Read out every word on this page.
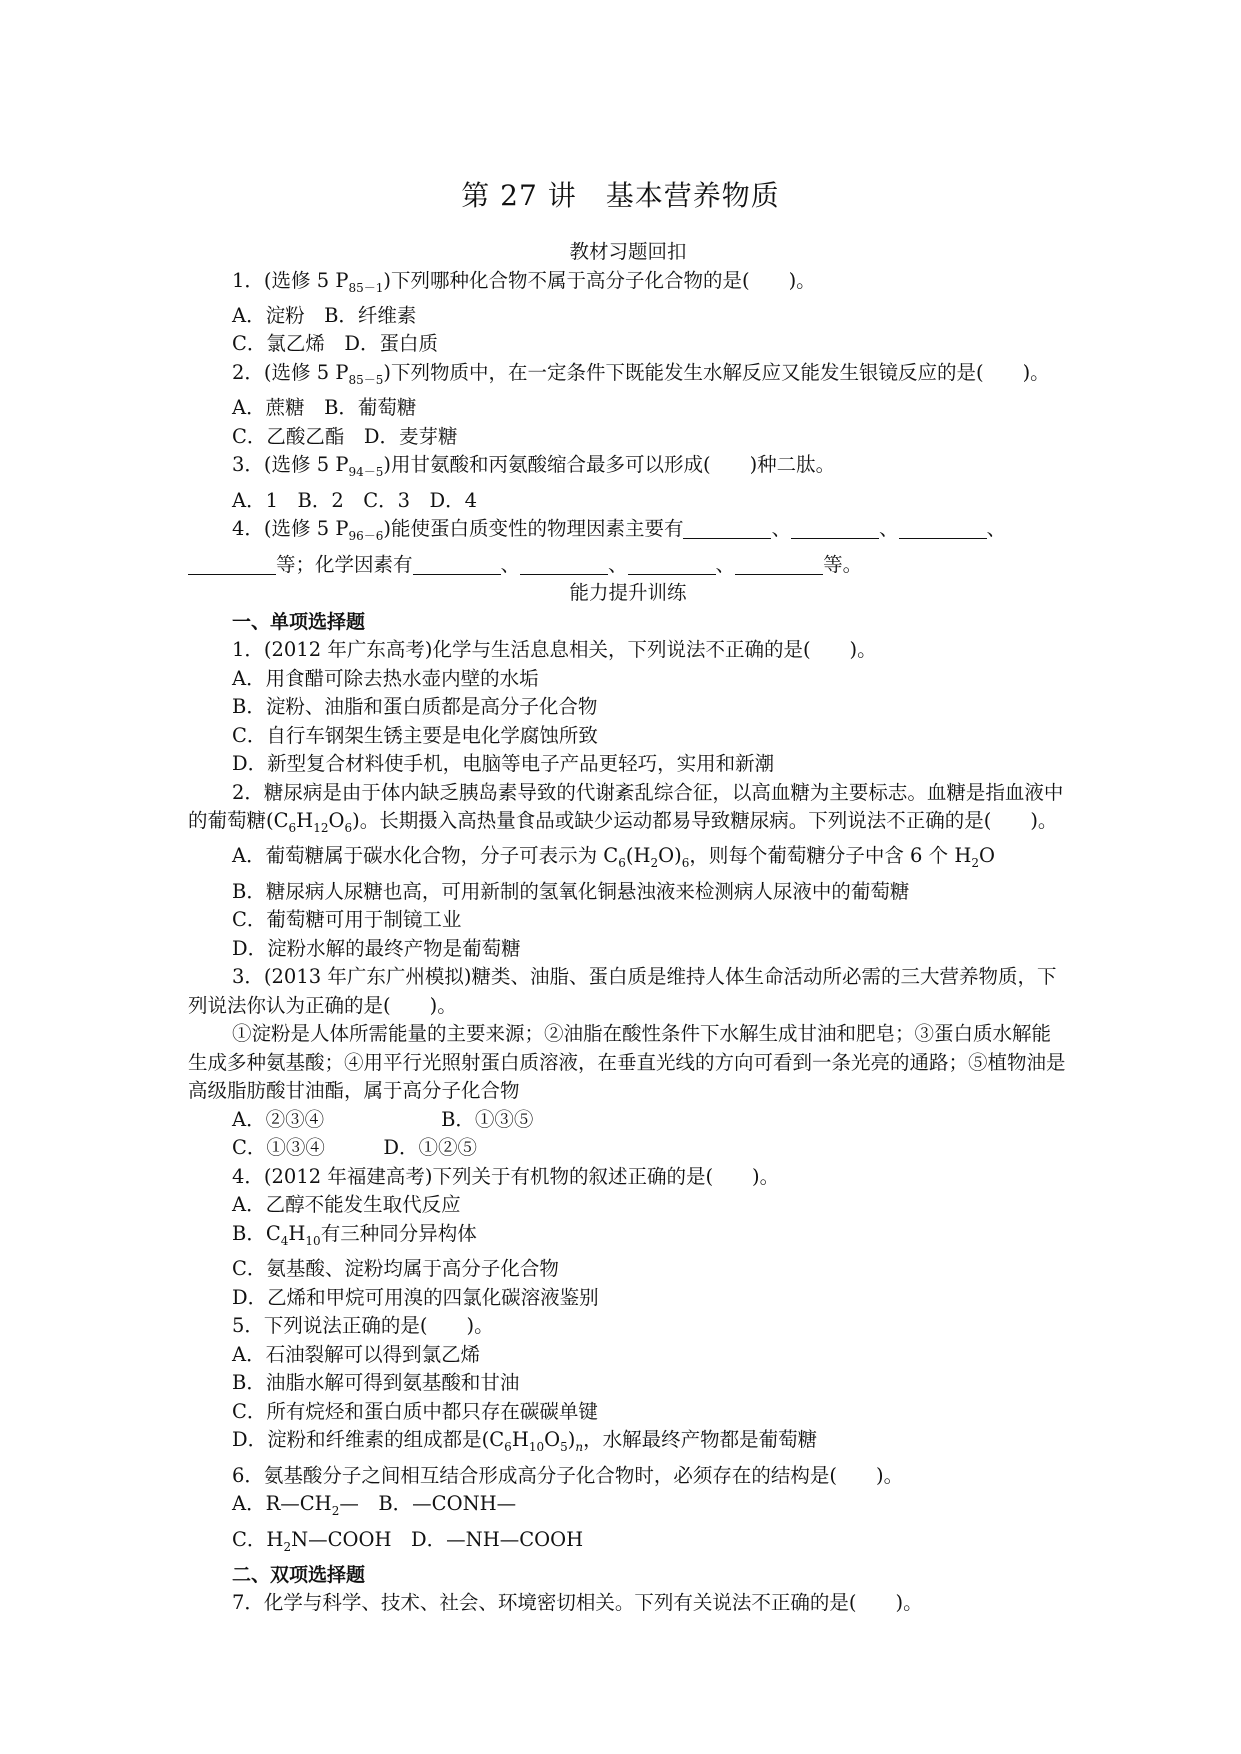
第 27 讲　基本营养物质

教材习题回扣

1．(选修 5 $P_{85-1}$)下列哪种化合物不属于高分子化合物的是(　　)。

A．淀粉　B．纤维素

C．氯乙烯　D．蛋白质

2．(选修 5 $P_{85-5}$)下列物质中，在一定条件下既能发生水解反应又能发生银镜反应的是(　　)。

A．蔗糖　B．葡萄糖

C．乙酸乙酯　D．麦芽糖

3．(选修 5 $P_{94-5}$)用甘氨酸和丙氨酸缩合最多可以形成(　　)种二肽。

A．1　B．2　C．3　D．4

4．(选修 5 $P_{96-6}$)能使蛋白质变性的物理因素主要有	、	、	、等；化学因素有	、	、	、	等。

能力提升训练

一、单项选择题

1．(2012 年广东高考)化学与生活息息相关，下列说法不正确的是(　　)。

A．用食醋可除去热水壶内壁的水垢

B．淀粉、油脂和蛋白质都是高分子化合物

C．自行车钢架生锈主要是电化学腐蚀所致

D．新型复合材料使手机，电脑等电子产品更轻巧，实用和新潮

2．糖尿病是由于体内缺乏胰岛素导致的代谢紊乱综合征，以高血糖为主要标志。血糖是指血液中的葡萄糖$(C_6H_{12}O_6)$。长期摄入高热量食品或缺少运动都易导致糖尿病。下列说法不正确的是(　　)。

A．葡萄糖属于碳水化合物，分子可表示为 $C_6(H_2O)_6$，则每个葡萄糖分子中含 6 个 $H_2O$

B．糖尿病人尿糖也高，可用新制的氢氧化铜悬浊液来检测病人尿液中的葡萄糖

C．葡萄糖可用于制镜工业

D．淀粉水解的最终产物是葡萄糖

3．(2013 年广东广州模拟)糖类、油脂、蛋白质是维持人体生命活动所必需的三大营养物质，下列说法你认为正确的是(　　)。

①淀粉是人体所需能量的主要来源；②油脂在酸性条件下水解生成甘油和肥皂；③蛋白质水解能生成多种氨基酸；④用平行光照射蛋白质溶液，在垂直光线的方向可看到一条光亮的通路；⑤植物油是高级脂肪酸甘油酯，属于高分子化合物

A．②③④　　　　　　B．①③⑤

C．①③④　　　D．①②⑤

4．(2012 年福建高考)下列关于有机物的叙述正确的是(　　)。

A．乙醇不能发生取代反应

B．$C_4H_{10}$有三种同分异构体

C．氨基酸、淀粉均属于高分子化合物

D．乙烯和甲烷可用溴的四氯化碳溶液鉴别

5．下列说法正确的是(　　)。

A．石油裂解可以得到氯乙烯

B．油脂水解可得到氨基酸和甘油

C．所有烷烃和蛋白质中都只存在碳碳单键

D．淀粉和纤维素的组成都是$(C_6H_{10}O_5)_n$，水解最终产物都是葡萄糖

6．氨基酸分子之间相互结合形成高分子化合物时，必须存在的结构是(　　)。

A．$R—CH_2—$　B．—CONH—

C．$H_2N—COOH$　D．—NH—COOH

二、双项选择题

7．化学与科学、技术、社会、环境密切相关。下列有关说法不正确的是(　　)。
